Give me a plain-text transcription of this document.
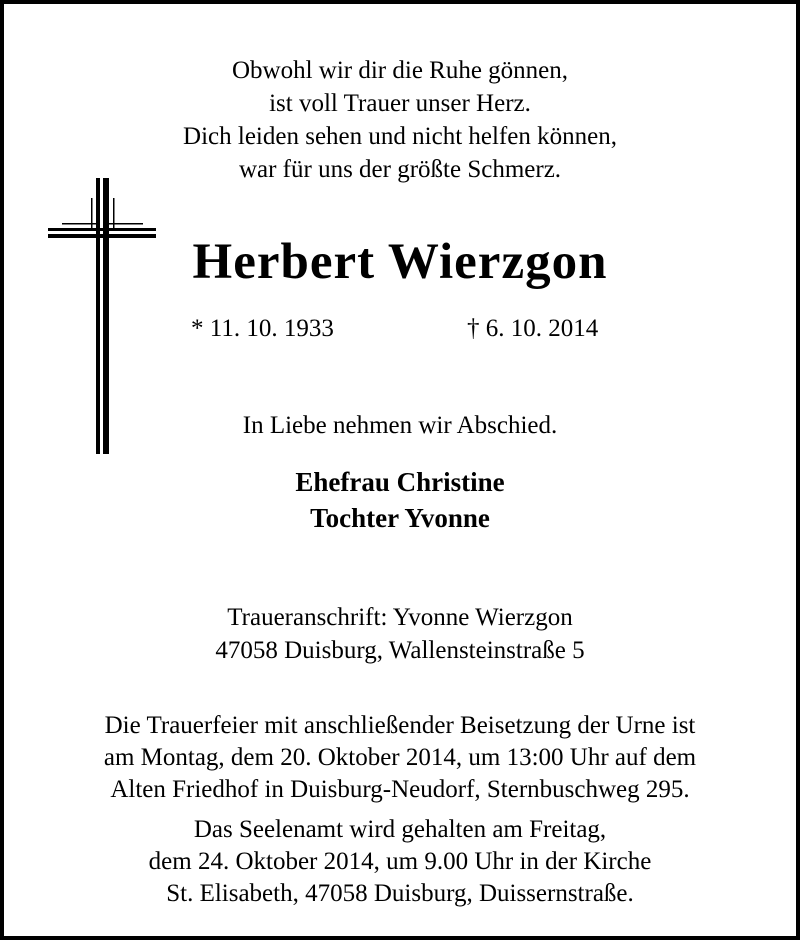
Obwohl wir dir die Ruhe gönnen,
ist voll Trauer unser Herz.
Dich leiden sehen und nicht helfen können,
war für uns der größte Schmerz.
Herbert Wierzgon
* 11. 10. 1933	† 6. 10. 2014
In Liebe nehmen wir Abschied.
Ehefrau Christine
Tochter Yvonne
Traueranschrift: Yvonne Wierzgon
47058 Duisburg, Wallensteinstraße 5
Die Trauerfeier mit anschließender Beisetzung der Urne ist
am Montag, dem 20. Oktober 2014, um 13:00 Uhr auf dem
Alten Friedhof in Duisburg-Neudorf, Sternbuschweg 295.
Das Seelenamt wird gehalten am Freitag,
dem 24. Oktober 2014, um 9.00 Uhr in der Kirche
St. Elisabeth, 47058 Duisburg, Duissernstraße.
